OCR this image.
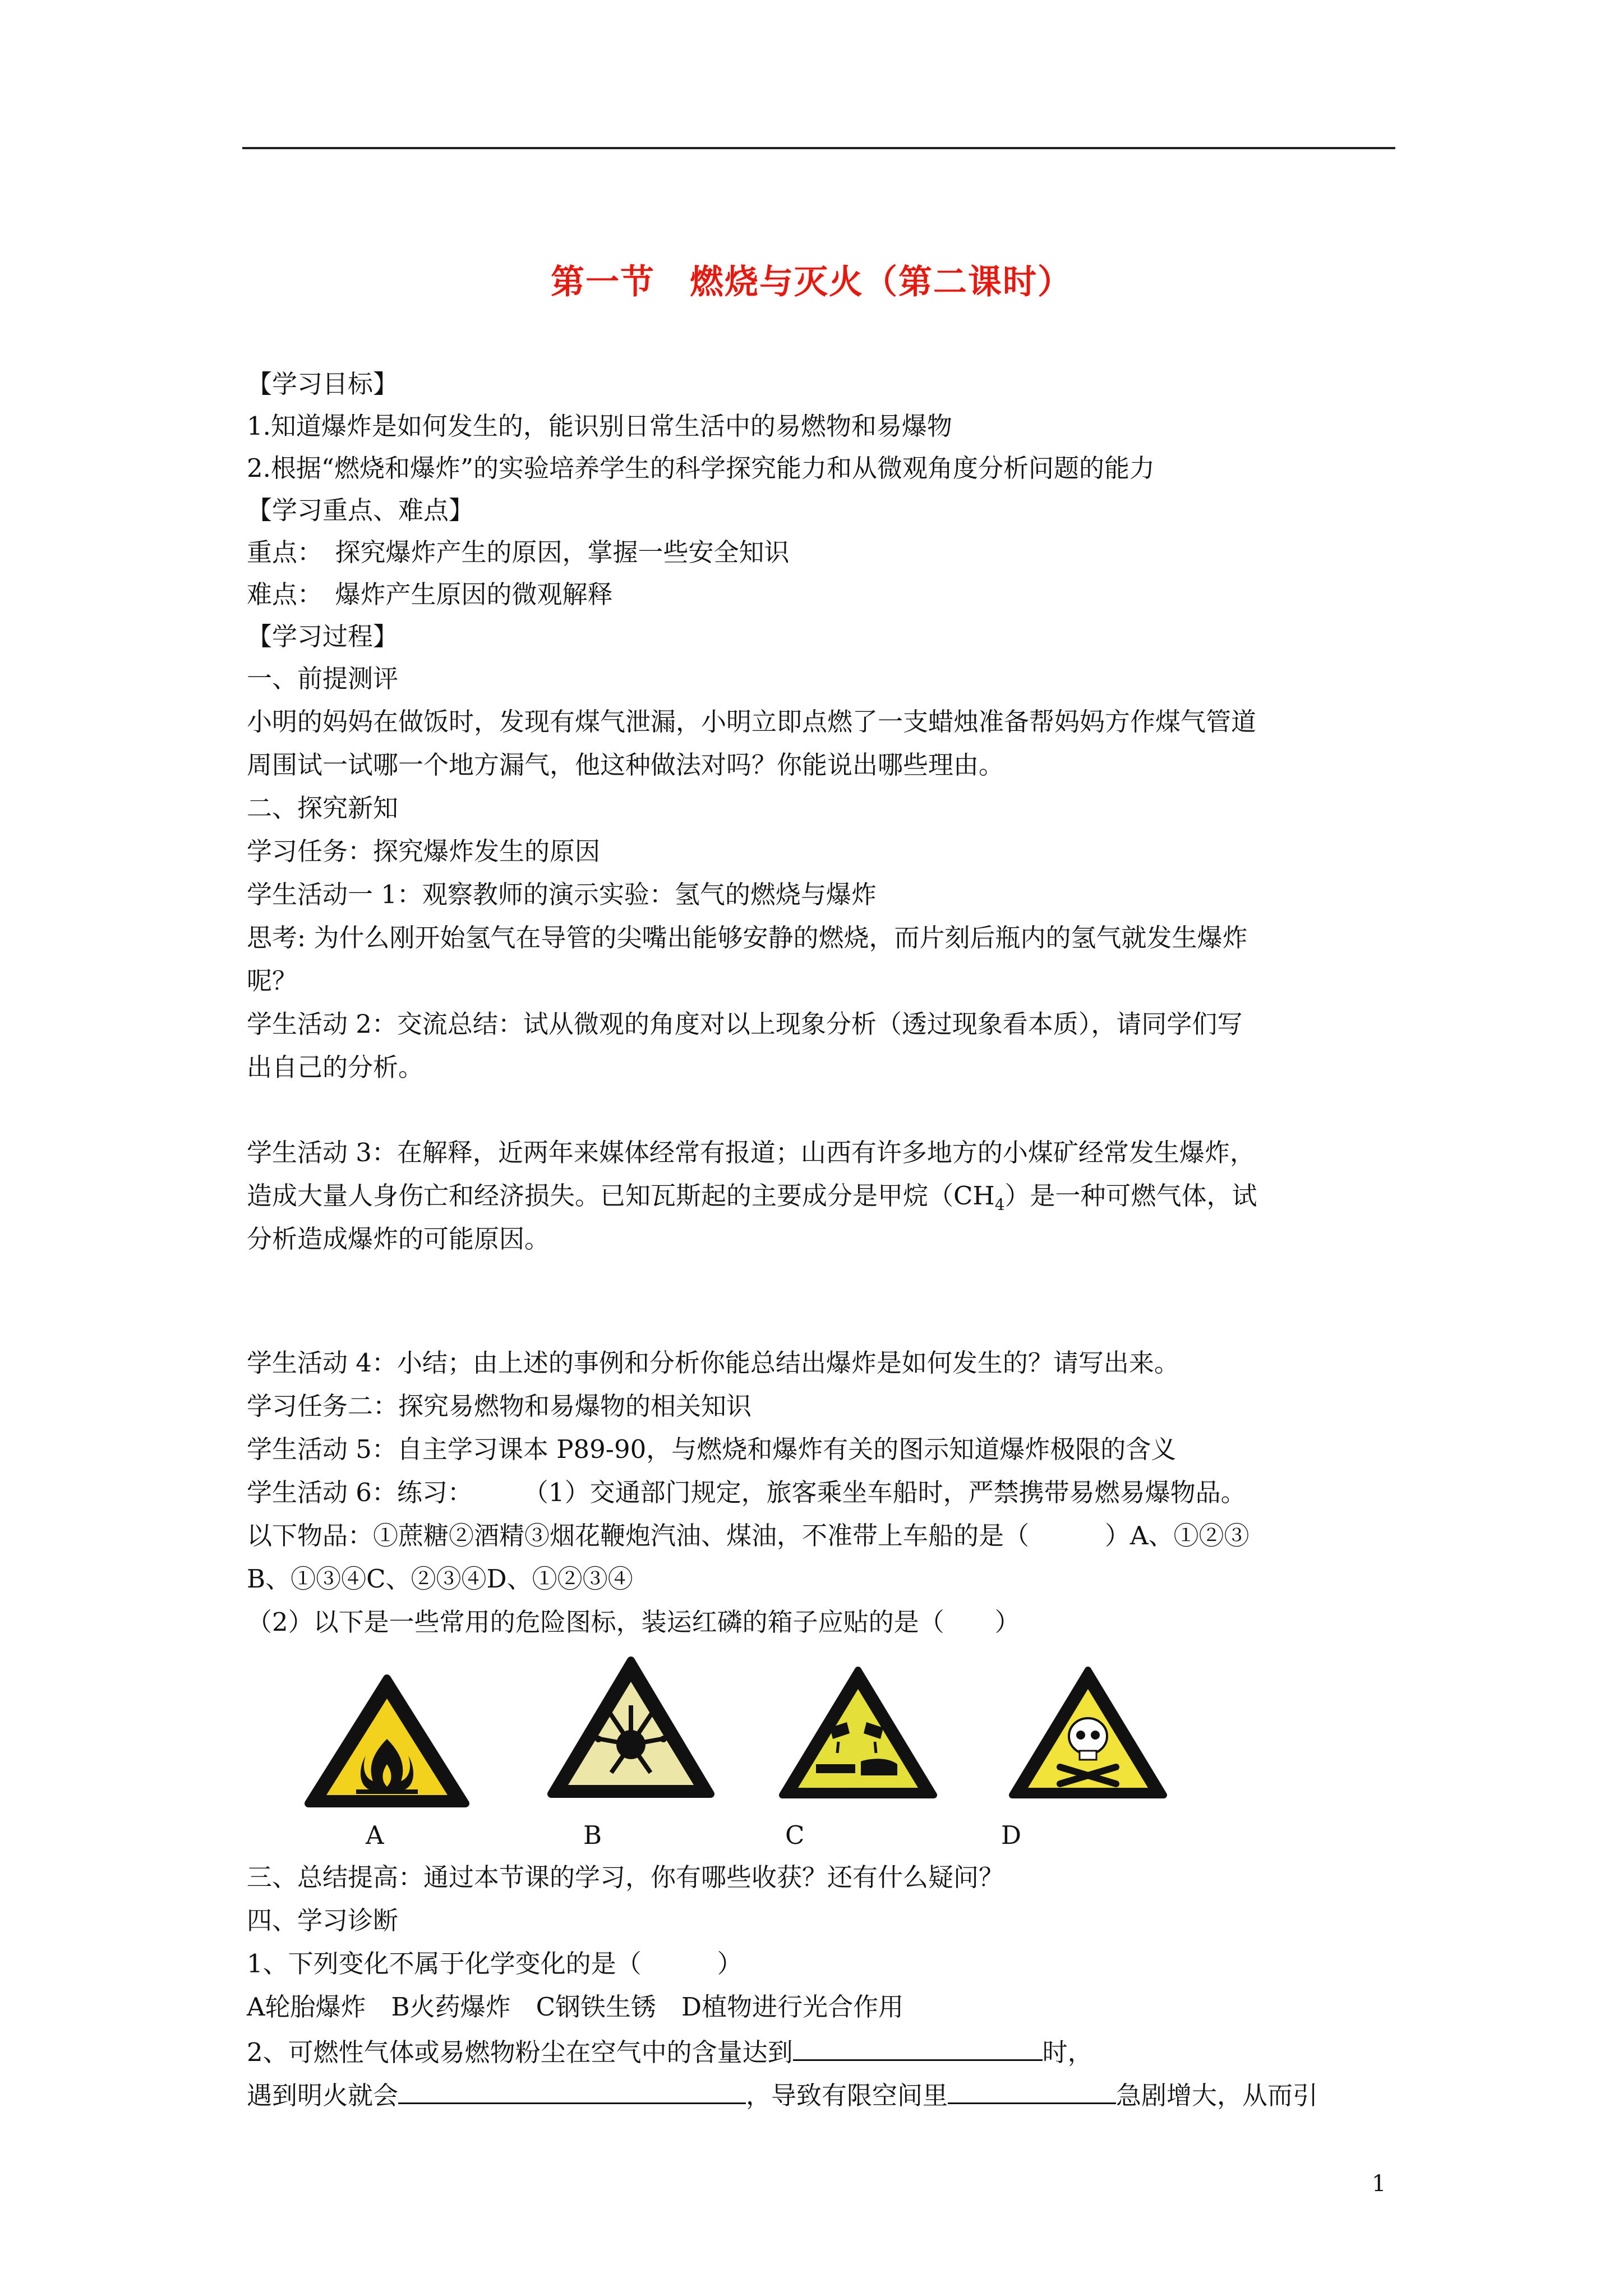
第一节　燃烧与灭火（第二课时）
【学习目标】
1.知道爆炸是如何发生的，能识别日常生活中的易燃物和易爆物
2.根据“燃烧和爆炸”的实验培养学生的科学探究能力和从微观角度分析问题的能力
【学习重点、难点】
重点：　探究爆炸产生的原因，掌握一些安全知识
难点：　爆炸产生原因的微观解释
【学习过程】
一、前提测评
小明的妈妈在做饭时，发现有煤气泄漏，小明立即点燃了一支蜡烛准备帮妈妈方作煤气管道
周围试一试哪一个地方漏气，他这种做法对吗？你能说出哪些理由。
二、探究新知
学习任务：探究爆炸发生的原因
学生活动一 1：观察教师的演示实验：氢气的燃烧与爆炸
思考: 为什么刚开始氢气在导管的尖嘴出能够安静的燃烧，而片刻后瓶内的氢气就发生爆炸
呢？
学生活动 2：交流总结：试从微观的角度对以上现象分析（透过现象看本质），请同学们写
出自己的分析。
学生活动 3：在解释，近两年来媒体经常有报道；山西有许多地方的小煤矿经常发生爆炸，
造成大量人身伤亡和经济损失。已知瓦斯起的主要成分是甲烷$(CH_4)$是一种可燃气体，试
分析造成爆炸的可能原因。
学生活动 4：小结；由上述的事例和分析你能总结出爆炸是如何发生的？请写出来。
学习任务二：探究易燃物和易爆物的相关知识
学生活动 5：自主学习课本 P89-90，与燃烧和爆炸有关的图示知道爆炸极限的含义
学生活动 6：练习：　　　（1）交通部门规定，旅客乘坐车船时，严禁携带易燃易爆物品。
以下物品：①蔗糖②酒精③烟花鞭炮汽油、煤油，不准带上车船的是（　　　）A、①②③
B、①③④C、②③④D、①②③④
（2）以下是一些常用的危险图标，装运红磷的箱子应贴的是（　　）
A	B	C	D
三、总结提高：通过本节课的学习，你有哪些收获？还有什么疑问？
四、学习诊断
1、下列变化不属于化学变化的是（　　　）
A轮胎爆炸　B火药爆炸　C钢铁生锈　D植物进行光合作用
2、可燃性气体或易燃物粉尘在空气中的含量达到	时，
遇到明火就会	，导致有限空间里	急剧增大，从而引
1
